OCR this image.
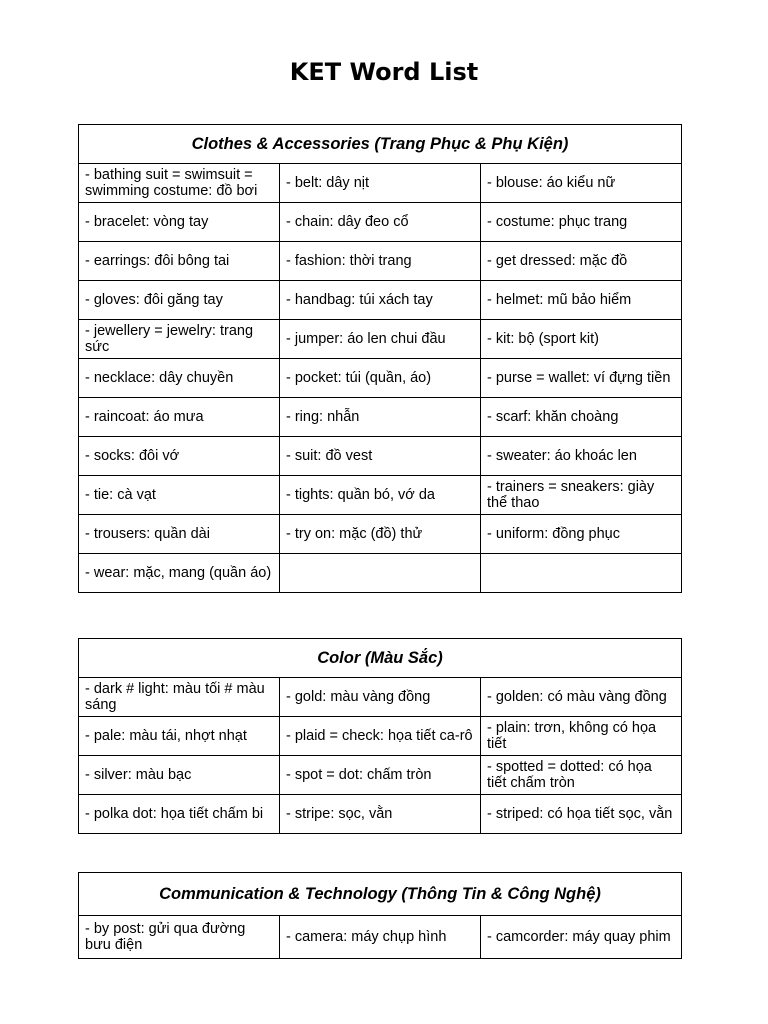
KET Word List
Clothes & Accessories (Trang Phục & Phụ Kiện)		
- bathing suit = swimsuit = swimming costume: đồ bơi	- belt: dây nịt	- blouse: áo kiểu nữ
- bracelet: vòng tay	- chain: dây đeo cổ	- costume: phục trang
- earrings: đôi bông tai	- fashion: thời trang	- get dressed: mặc đồ
- gloves: đôi găng tay	- handbag: túi xách tay	- helmet: mũ bảo hiểm
- jewellery = jewelry: trang sức	- jumper: áo len chui đầu	- kit: bộ (sport kit)
- necklace: dây chuyền	- pocket: túi (quần, áo)	- purse = wallet: ví đựng tiền
- raincoat: áo mưa	- ring: nhẫn	- scarf: khăn choàng
- socks: đôi vớ	- suit: đồ vest	- sweater: áo khoác len
- tie: cà vạt	- tights: quần bó, vớ da	- trainers = sneakers: giày thể thao
- trousers: quần dài	- try on: mặc (đồ) thử	- uniform: đồng phục
- wear: mặc, mang (quần áo)		
Color (Màu Sắc)		
- dark # light: màu tối # màu sáng	- gold: màu vàng đồng	- golden: có màu vàng đồng
- pale: màu tái, nhợt nhạt	- plaid = check: họa tiết ca-rô	- plain: trơn, không có họa tiết
- silver: màu bạc	- spot = dot: chấm tròn	- spotted = dotted: có họa tiết chấm tròn
- polka dot: họa tiết chấm bi	- stripe: sọc, vằn	- striped: có họa tiết sọc, vằn
Communication & Technology (Thông Tin & Công Nghệ)
- by post: gửi qua đường bưu điện	- camera: máy chụp hình	- camcorder: máy quay phim
